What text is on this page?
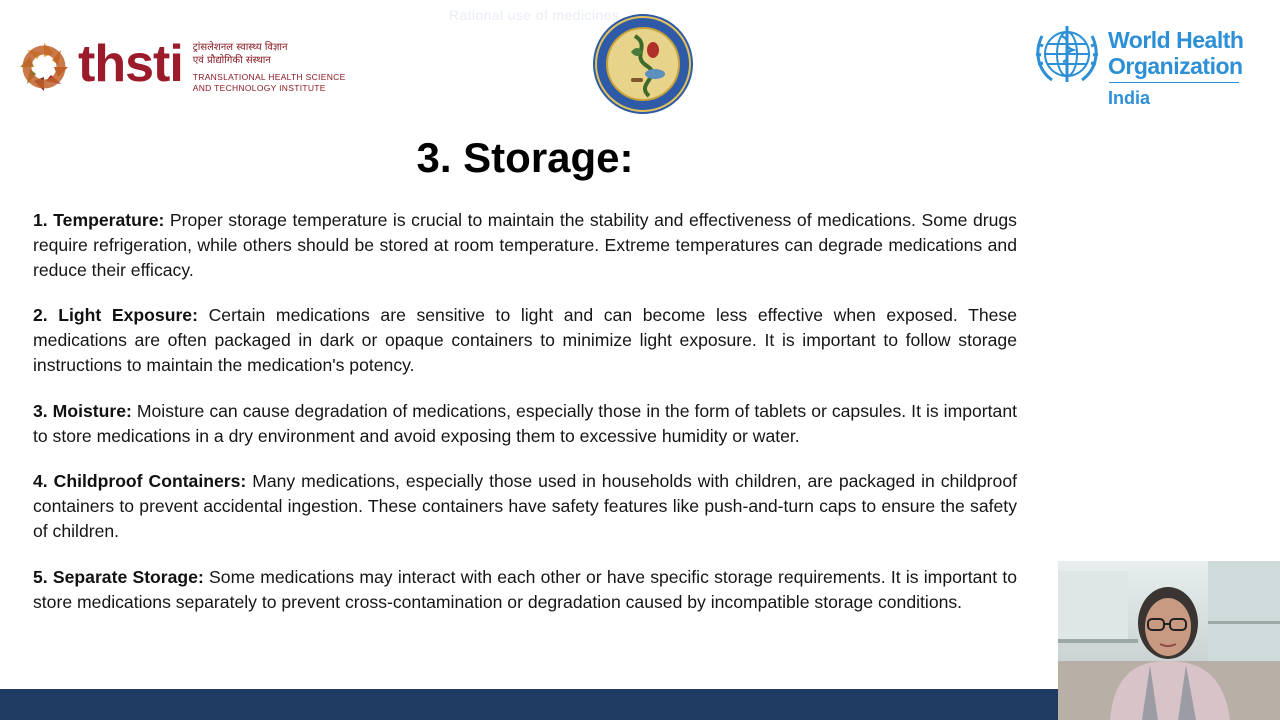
thsti ट्रांसलेशनल स्वास्थ्य विज्ञान
एवं प्रौद्योगिकी संस्थान
TRANSLATIONAL HEALTH SCIENCE
AND TECHNOLOGY INSTITUTE
World Health
Organization
India
3. Storage:

1. Temperature: Proper storage temperature is crucial to maintain the stability and effectiveness of medications. Some drugs require refrigeration, while others should be stored at room temperature. Extreme temperatures can degrade medications and reduce their efficacy.

2. Light Exposure: Certain medications are sensitive to light and can become less effective when exposed. These medications are often packaged in dark or opaque containers to minimize light exposure. It is important to follow storage instructions to maintain the medication's potency.

3. Moisture: Moisture can cause degradation of medications, especially those in the form of tablets or capsules. It is important to store medications in a dry environment and avoid exposing them to excessive humidity or water.

4. Childproof Containers: Many medications, especially those used in households with children, are packaged in childproof containers to prevent accidental ingestion. These containers have safety features like push-and-turn caps to ensure the safety of children.

5. Separate Storage: Some medications may interact with each other or have specific storage requirements. It is important to store medications separately to prevent cross-contamination or degradation caused by incompatible storage conditions.

Rational use of medicines
